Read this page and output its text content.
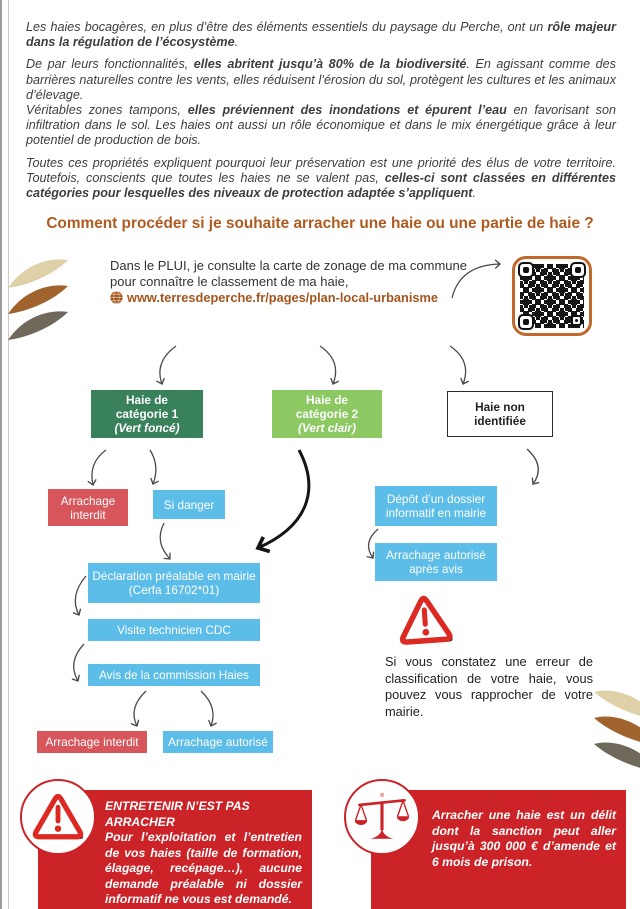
Les haies bocagères, en plus d’être des éléments essentiels du paysage du Perche, ont un rôle majeur dans la régulation de l’écosystème.

De par leurs fonctionnalités, elles abritent jusqu’à 80% de la biodiversité. En agissant comme des barrières naturelles contre les vents, elles réduisent l’érosion du sol, protègent les cultures et les animaux d’élevage.
Véritables zones tampons, elles préviennent des inondations et épurent l’eau en favorisant son infiltration dans le sol. Les haies ont aussi un rôle économique et dans le mix énergétique grâce à leur potentiel de production de bois.

Toutes ces propriétés expliquent pourquoi leur préservation est une priorité des élus de votre territoire. Toutefois, conscients que toutes les haies ne se valent pas, celles-ci sont classées en différentes catégories pour lesquelles des niveaux de protection adaptée s’appliquent.

Comment procéder si je souhaite arracher une haie ou une partie de haie ?
Dans le PLUI, je consulte la carte de zonage de ma commune
pour connaître le classement de ma haie,
www.terresdeperche.fr/pages/plan-local-urbanisme
Haie de
catégorie 1
(Vert foncé)
Haie de
catégorie 2
(Vert clair)
Haie non
identifiée
Arrachage interdit
Si danger	Dépôt d’un dossier
informatif en mairie
Arrachage autorisé
après avis
Déclaration préalable en mairie
(Cerfa 16702*01)
Visite technicien CDC
Avis de la commission Haies
Arrachage interdit	Arrachage autorisé

Si vous constatez une erreur de classification de votre haie, vous pouvez vous rapprocher de votre mairie.

ENTRETENIR N’EST PAS ARRACHER
Pour l’exploitation et l’entretien de vos haies (taille de formation, élagage, recépage…), aucune demande préalable ni dossier informatif ne vous est demandé.
Arracher une haie est un délit dont la sanction peut aller jusqu’à 300 000 € d’amende et 6 mois de prison.
